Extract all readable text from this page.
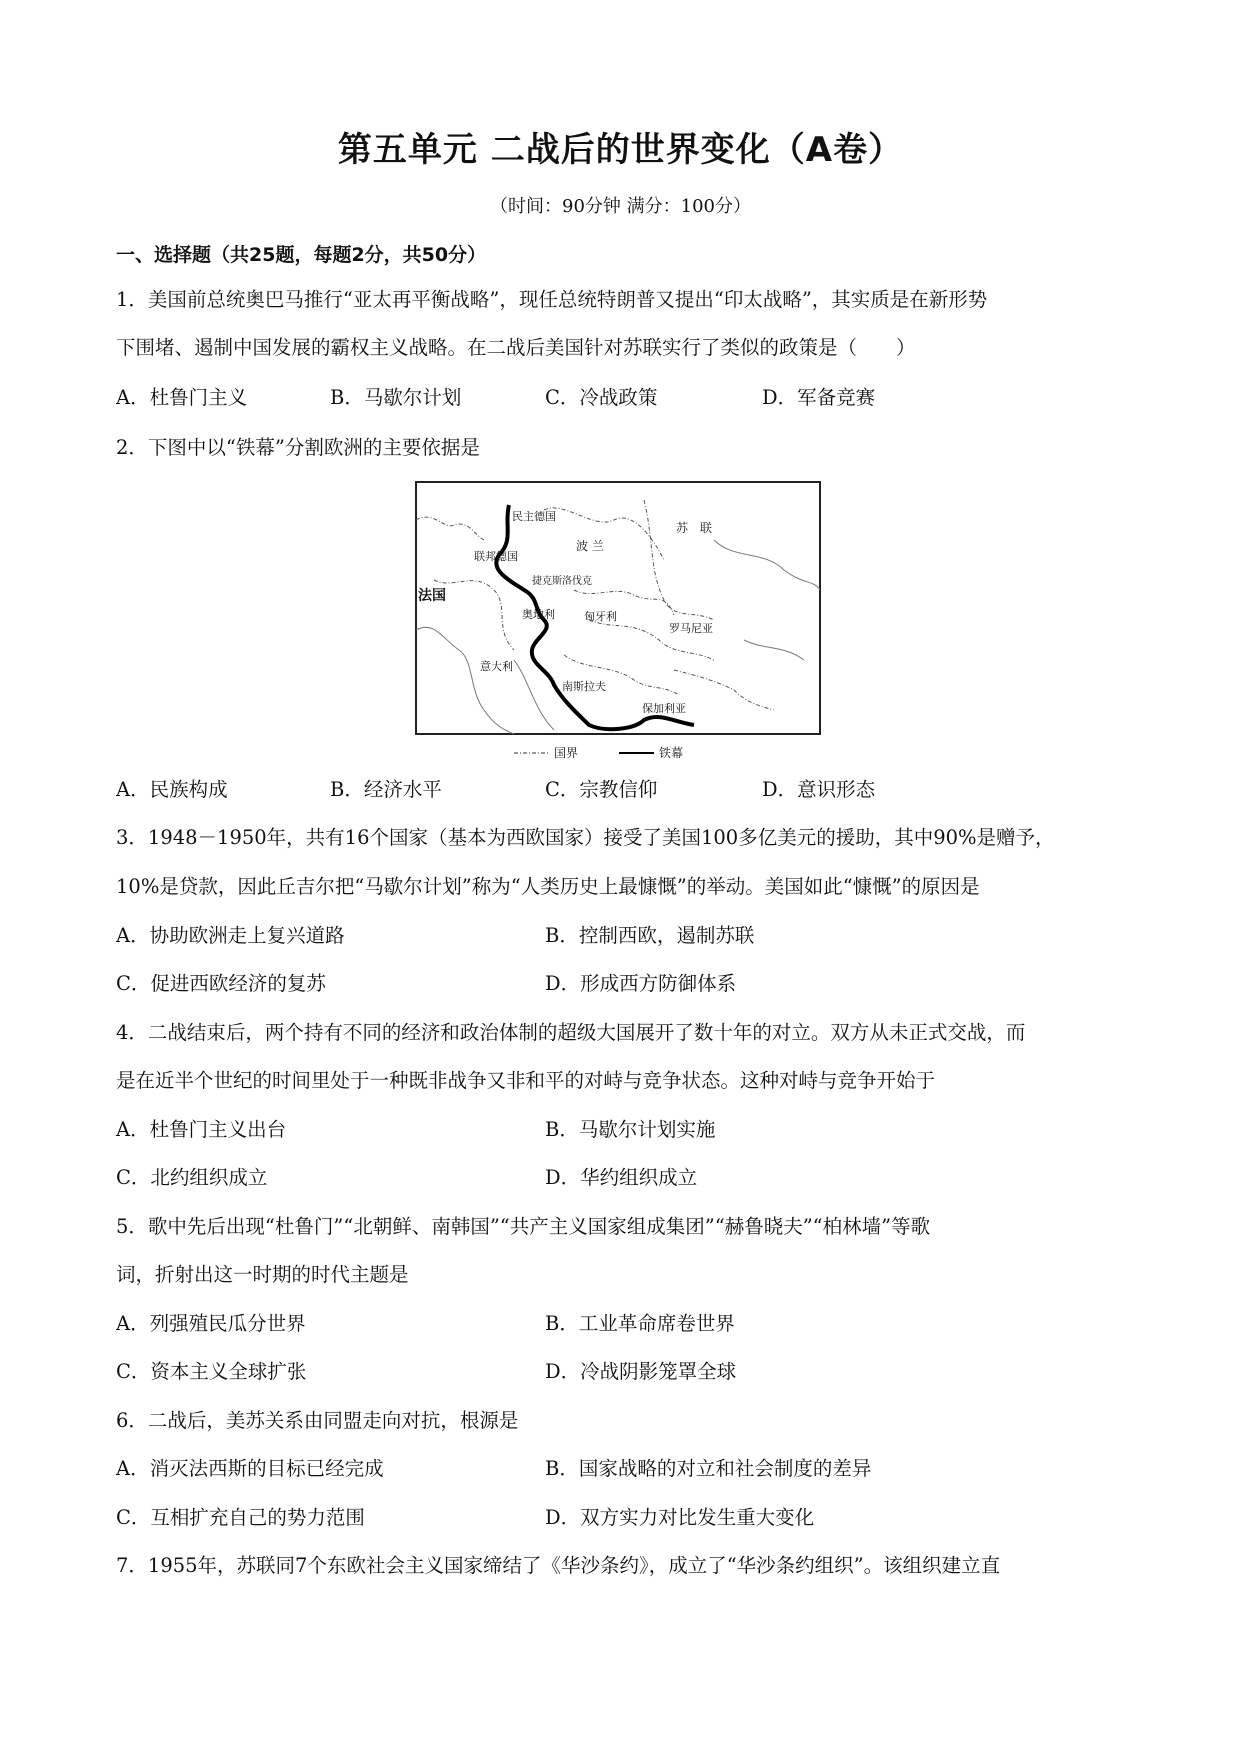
第五单元 二战后的世界变化（A卷）
（时间：90分钟 满分：100分）
一、选择题（共25题，每题2分，共50分）
1．美国前总统奥巴马推行“亚太再平衡战略”，现任总统特朗普又提出“印太战略”，其实质是在新形势
下围堵、遏制中国发展的霸权主义战略。在二战后美国针对苏联实行了类似的政策是（　　）
A．杜鲁门主义	B．马歇尔计划	C．冷战政策	D．军备竞赛
2．下图中以“铁幕”分割欧洲的主要依据是
苏　联
民主德国
波 兰
联邦德国
法国
捷克斯洛伐克
奥地利	匈牙利
罗马尼亚
意大利
南斯拉夫
保加利亚
国界	铁幕
A．民族构成	B．经济水平	C．宗教信仰	D．意识形态
3．1948－1950年，共有16个国家（基本为西欧国家）接受了美国100多亿美元的援助，其中90%是赠予，
10%是贷款，因此丘吉尔把“马歇尔计划”称为“人类历史上最慷慨”的举动。美国如此“慷慨”的原因是
A．协助欧洲走上复兴道路	B．控制西欧，遏制苏联
C．促进西欧经济的复苏	D．形成西方防御体系
4．二战结束后，两个持有不同的经济和政治体制的超级大国展开了数十年的对立。双方从未正式交战，而
是在近半个世纪的时间里处于一种既非战争又非和平的对峙与竞争状态。这种对峙与竞争开始于
A．杜鲁门主义出台	B．马歇尔计划实施
C．北约组织成立	D．华约组织成立
5．歌中先后出现“杜鲁门”“北朝鲜、南韩国”“共产主义国家组成集团”“赫鲁晓夫”“柏林墙”等歌
词，折射出这一时期的时代主题是
A．列强殖民瓜分世界	B．工业革命席卷世界
C．资本主义全球扩张	D．冷战阴影笼罩全球
6．二战后，美苏关系由同盟走向对抗，根源是
A．消灭法西斯的目标已经完成	B．国家战略的对立和社会制度的差异
C．互相扩充自己的势力范围	D．双方实力对比发生重大变化
7．1955年，苏联同7个东欧社会主义国家缔结了《华沙条约》，成立了“华沙条约组织”。该组织建立直
